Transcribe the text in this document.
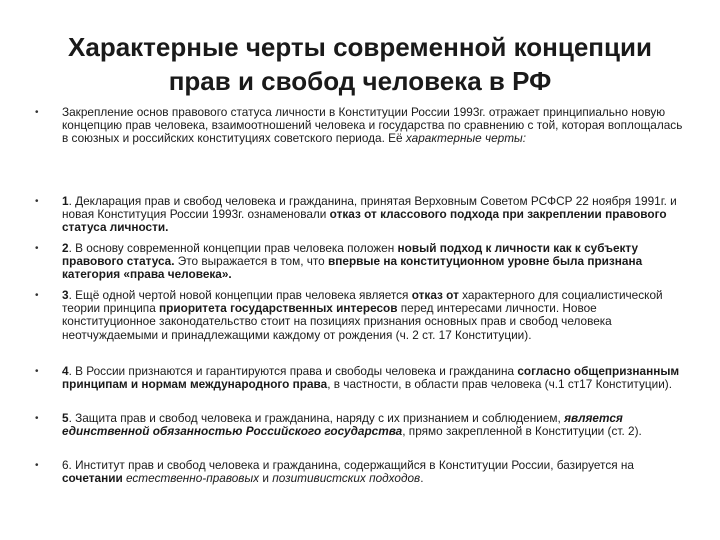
Характерные черты современной концепции
прав и свобод человека в РФ
• Закрепление основ правового статуса личности в Конституции России 1993г. отражает принципиально новую концепцию прав человека, взаимоотношений человека и государства по сравнению с той, которая воплощалась в союзных и российских конституциях советского периода. Её характерные черты:
• 1. Декларация прав и свобод человека и гражданина, принятая Верховным Советом РСФСР 22 ноября 1991г. и новая Конституция России 1993г. ознаменовали отказ от классового подхода при закреплении правового статуса личности.
• 2. В основу современной концепции прав человека положен новый подход к личности как к субъекту правового статуса. Это выражается в том, что впервые на конституционном уровне была признана категория «права человека».
• 3. Ещё одной чертой новой концепции прав человека является отказ от характерного для социалистической теории принципа приоритета государственных интересов перед интересами личности. Новое конституционное законодательство стоит на позициях признания основных прав и свобод человека неотчуждаемыми и принадлежащими каждому от рождения (ч. 2 ст. 17 Конституции).
• 4. В России признаются и гарантируются права и свободы человека и гражданина согласно общепризнанным принципам и нормам международного права, в частности, в области прав человека (ч.1 ст17 Конституции).
• 5. Защита прав и свобод человека и гражданина, наряду с их признанием и соблюдением, является единственной обязанностью Российского государства, прямо закрепленной в Конституции (ст. 2).
• 6. Институт прав и свобод человека и гражданина, содержащийся в Конституции России, базируется на сочетании естественно-правовых и позитивистских подходов.
